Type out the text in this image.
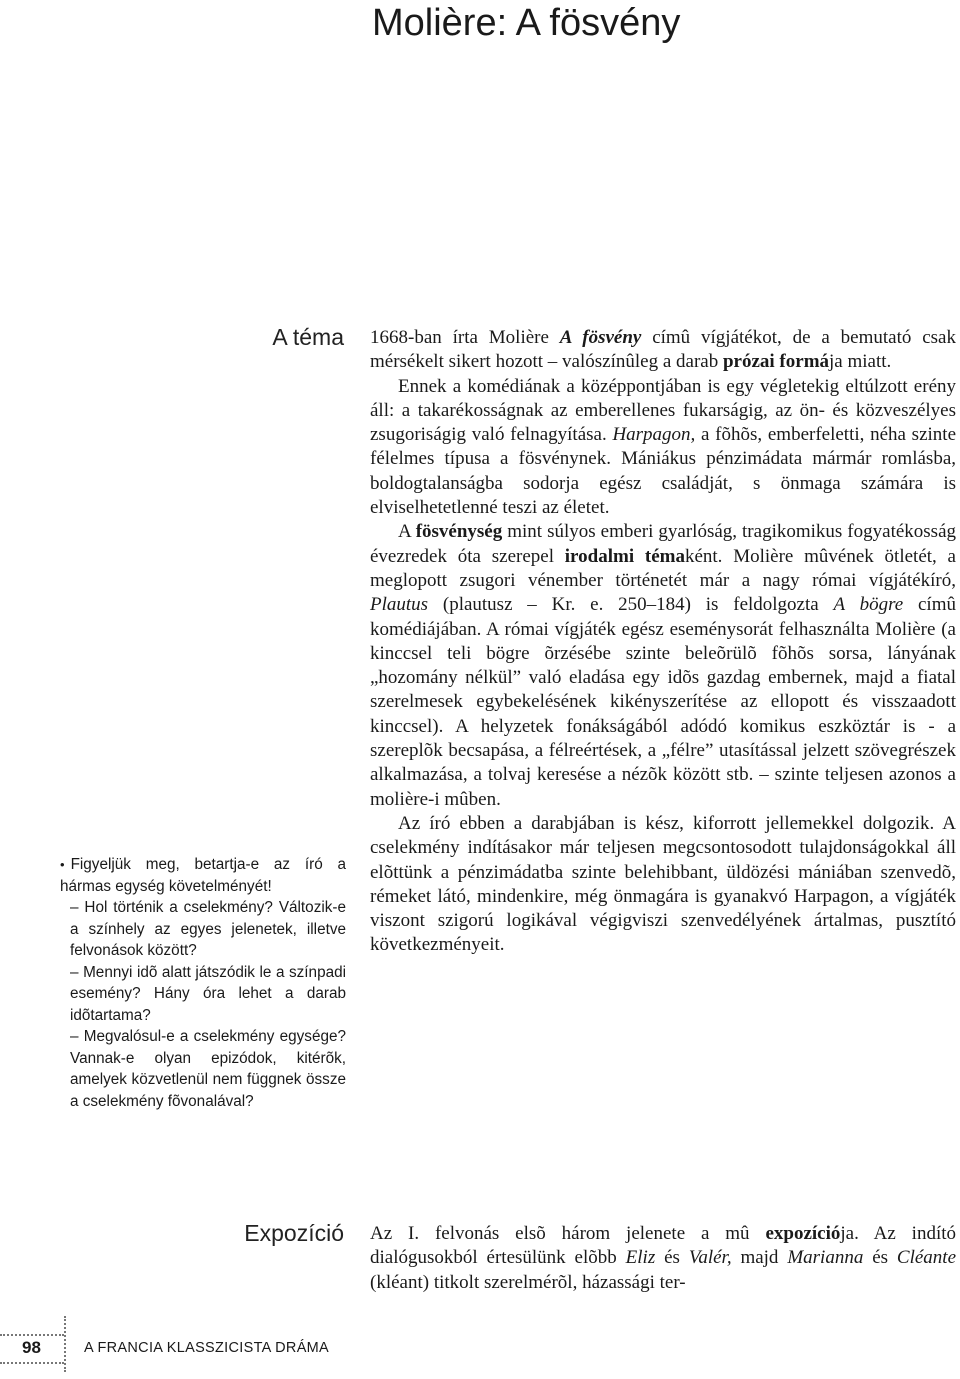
Molière: A fösvény
A téma 1668-ban írta Molière A fösvény címû vígjátékot, de a bemutató csak mérsékelt sikert hozott – valószínûleg a darab prózai formája miatt.

Ennek a komédiának a középpontjában is egy végletekig eltúlzott erény áll: a takarékosságnak az emberellenes fukarságig, az ön- és közveszélyes zsugoriságig való felnagyítása. Harpagon, a fõhõs, emberfeletti, néha szinte félelmes típusa a fösvénynek. Mániákus pénzimádata mármár romlásba, boldogtalanságba sodorja egész családját, s önmaga számára is elviselhetetlenné teszi az életet.

A fösvénység mint súlyos emberi gyarlóság, tragikomikus fogyatékosság évezredek óta szerepel irodalmi témaként. Molière mûvének ötletét, a meglopott zsugori vénember történetét már a nagy római vígjátékíró, Plautus (plautusz – Kr. e. 250–184) is feldolgozta A bögre címû komédiájában. A római vígjáték egész eseménysorát felhasználta Molière (a kinccsel teli bögre õrzésébe szinte beleõrülõ fõhõs sorsa, lányának „hozomány nélkül” való eladása egy idõs gazdag embernek, majd a fiatal szerelmesek egybekelésének kikényszerítése az ellopott és visszaadott kinccsel). A helyzetek fonákságából adódó komikus eszköztár is - a szereplõk becsapása, a félreértések, a „félre” utasítással jelzett szövegrészek alkalmazása, a tolvaj keresése a nézõk között stb. – szinte teljesen azonos a molière-i mûben.

Az író ebben a darabjában is kész, kiforrott jellemekkel dolgozik. A cselekmény indításakor már teljesen megcsontosodott tulajdonságokkal áll elõttünk a pénzimádatba szinte belehibbant, üldözési mániában szenvedõ, rémeket látó, mindenkire, még önmagára is gyanakvó Harpagon, a vígjáték viszont szigorú logikával végigviszi szenvedélyének ártalmas, pusztító következményeit.

• Figyeljük meg, betartja-e az író a hármas egység követelményét!
– Hol történik a cselekmény? Változik-e a színhely az egyes jelenetek, illetve felvonások között?
– Mennyi idõ alatt játszódik le a színpadi esemény? Hány óra lehet a darab idõtartama?
– Megvalósul-e a cselekmény egysége? Vannak-e olyan epizódok, kitérõk, amelyek közvetlenül nem függnek össze a cselekmény fõvonalával?
Expozíció Az I. felvonás elsõ három jelenete a mû expozíciója. Az indító dialógusokból értesülünk elõbb Eliz és Valér, majd Marianna és Cléante (kléant) titkolt szerelmérõl, házassági ter-

98	A FRANCIA KLASSZICISTA DRÁMA
